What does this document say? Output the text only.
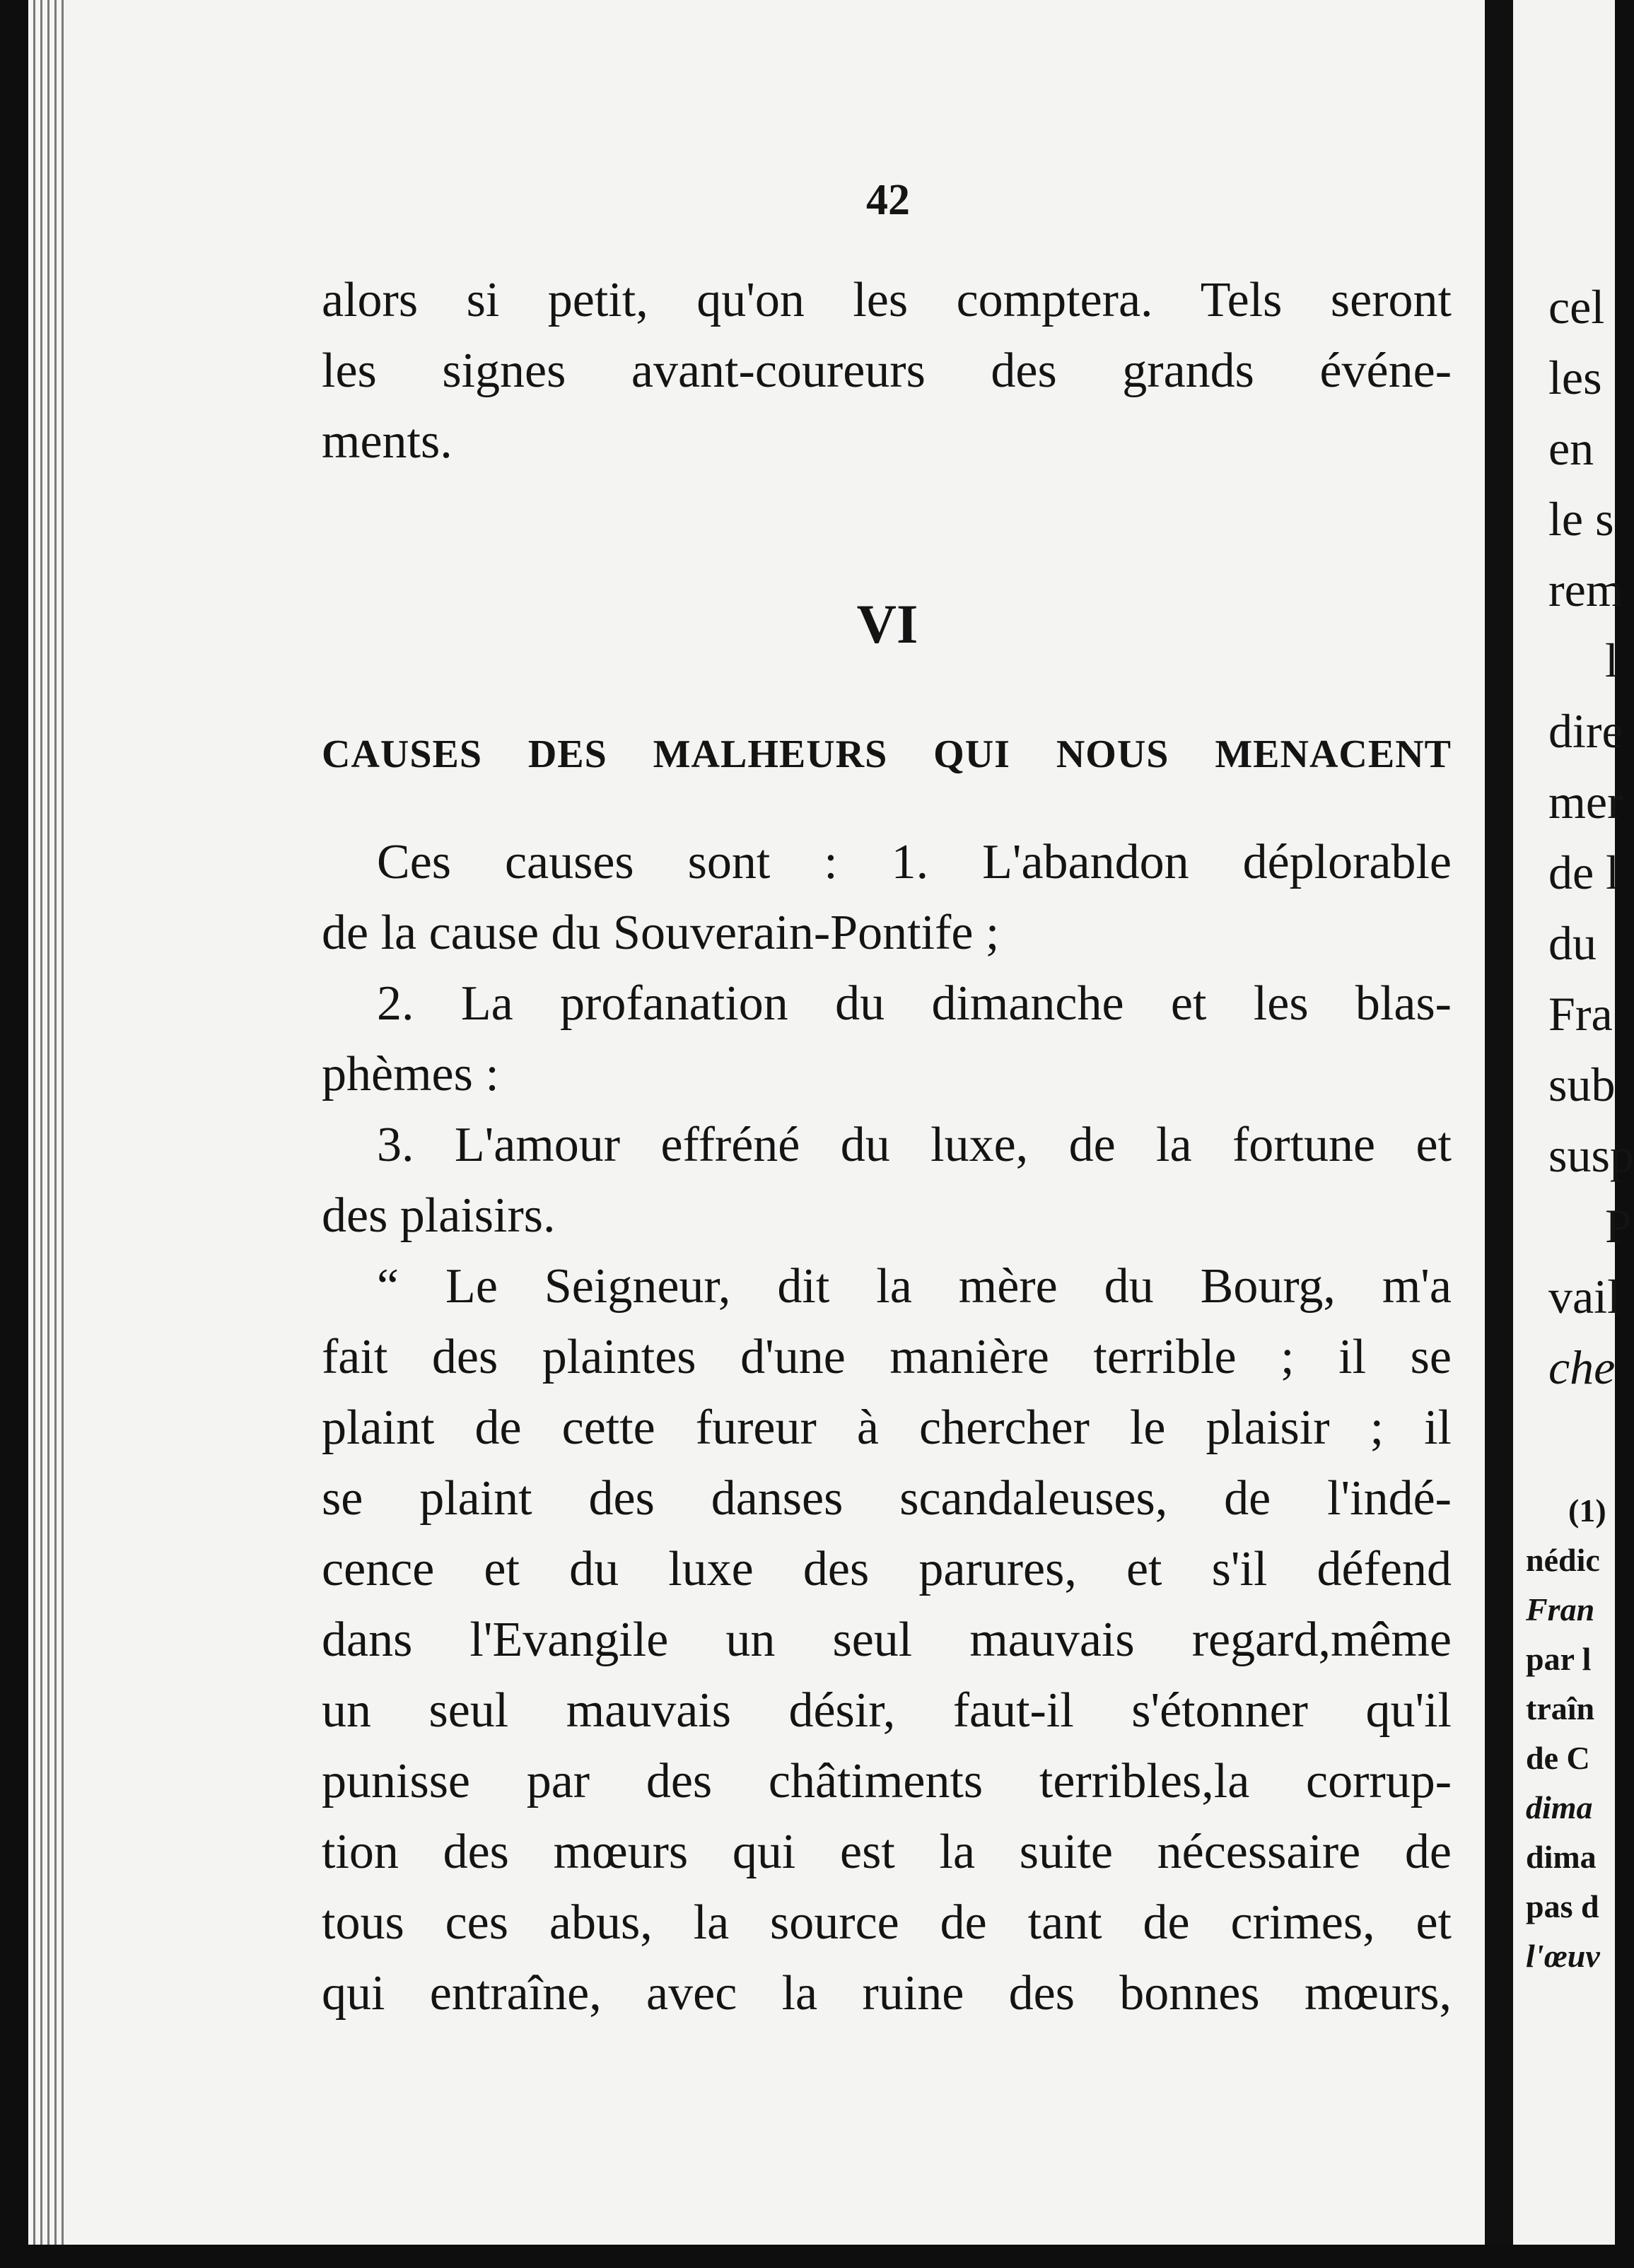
42
alors si petit, qu'on les comptera. Tels seront
les signes avant-coureurs des grands événe-
ments.
VI
CAUSES DES MALHEURS QUI NOUS MENACENT
Ces causes sont : 1. L'abandon déplorable
de la cause du Souverain-Pontife ;
2. La profanation du dimanche et les blas-
phèmes :
3. L'amour effréné du luxe, de la fortune et
des plaisirs.
“ Le Seigneur, dit la mère du Bourg, m'a
fait des plaintes d'une manière terrible ; il se
plaint de cette fureur à chercher le plaisir ; il
se plaint des danses scandaleuses, de l'indé-
cence et du luxe des parures, et s'il défend
dans l'Evangile un seul mauvais regard,même
un seul mauvais désir, faut-il s'étonner qu'il
punisse par des châtiments terribles,la corrup-
tion des mœurs qui est la suite nécessaire de
tous ces abus, la source de tant de crimes, et
qui entraîne, avec la ruine des bonnes mœurs,
cel
les
en
le s
rem
l
dire
mer
de l
du
Fra
sub
susp
P
vail
che
(1)
nédic
Fran
par l
traîn
de C
dima
dima
pas d
l'œuv
